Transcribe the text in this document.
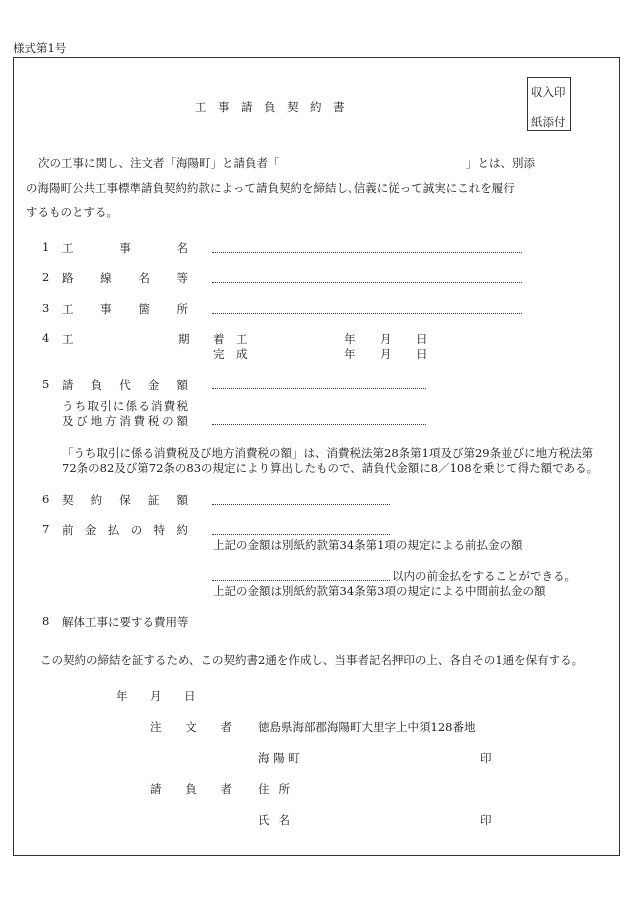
様式第1号
工　事　請　負　契　約　書
収入印
紙添付
次の工事に関し、注文者「海陽町」と請負者「	」とは、別添
の海陽町公共工事標準請負契約約款によって請負契約を締結し､信義に従って誠実にこれを履行
するものとする。
1 工事名
2 路線名等
3 工事箇所
4 工	期 着　工	年 月 日
完　成	年 月 日
5 請負代金額
うち取引に係る消費税
及び地方消費税の額
「うち取引に係る消費税及び地方消費税の額」は、消費税法第28条第1項及び第29条並びに地方税法第
72条の82及び第72条の83の規定により算出したもので、請負代金額に8／108を乗じて得た額である。
6 契約保証額
7 前金払の特約
上記の金額は別紙約款第34条第1項の規定による前払金の額
以内の前金払をすることができる。
上記の金額は別紙約款第34条第3項の規定による中間前払金の額
8 解体工事に要する費用等
この契約の締結を証するため、この契約書2通を作成し、当事者記名押印の上、各自その1通を保有する。
年 月 日
注文者 徳島県海部郡海陽町大里字上中須128番地
海 陽 町	印
請負者 住所
氏名	印
